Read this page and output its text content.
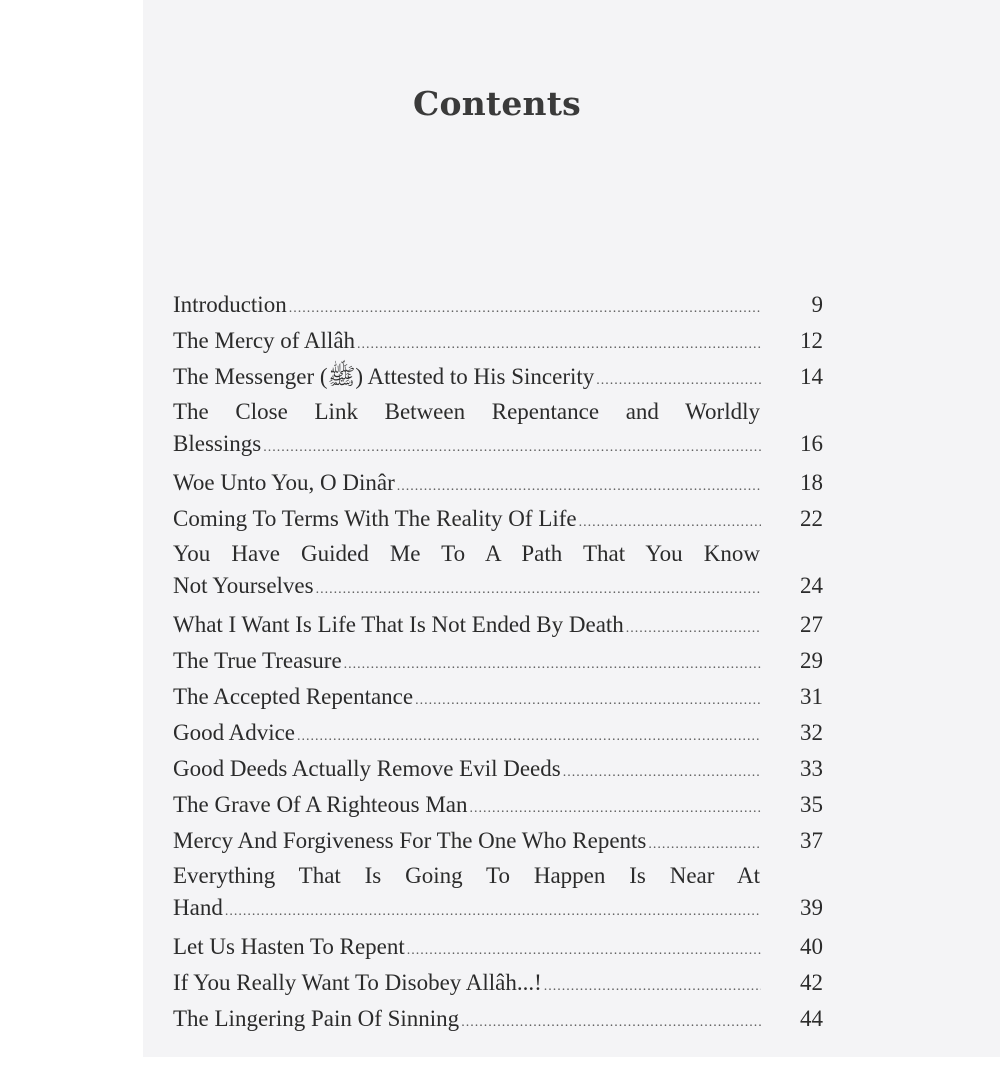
Contents
Introduction .....	9
The Mercy of Allâh .....	12
The Messenger (ﷺ) Attested to His Sincerity .....	14
The Close Link Between Repentance and Worldly
Blessings .....	16
Woe Unto You, O Dinâr .....	18
Coming To Terms With The Reality Of Life .....	22
You Have Guided Me To A Path That You Know
Not Yourselves .....	24
What I Want Is Life That Is Not Ended By Death .....	27
The True Treasure .....	29
The Accepted Repentance .....	31
Good Advice .....	32
Good Deeds Actually Remove Evil Deeds .....	33
The Grave Of A Righteous Man .....	35
Mercy And Forgiveness For The One Who Repents .....	37
Everything That Is Going To Happen Is Near At
Hand .....	39
Let Us Hasten To Repent .....	40
If You Really Want To Disobey Allâh...! .....	42
The Lingering Pain Of Sinning .....	44
